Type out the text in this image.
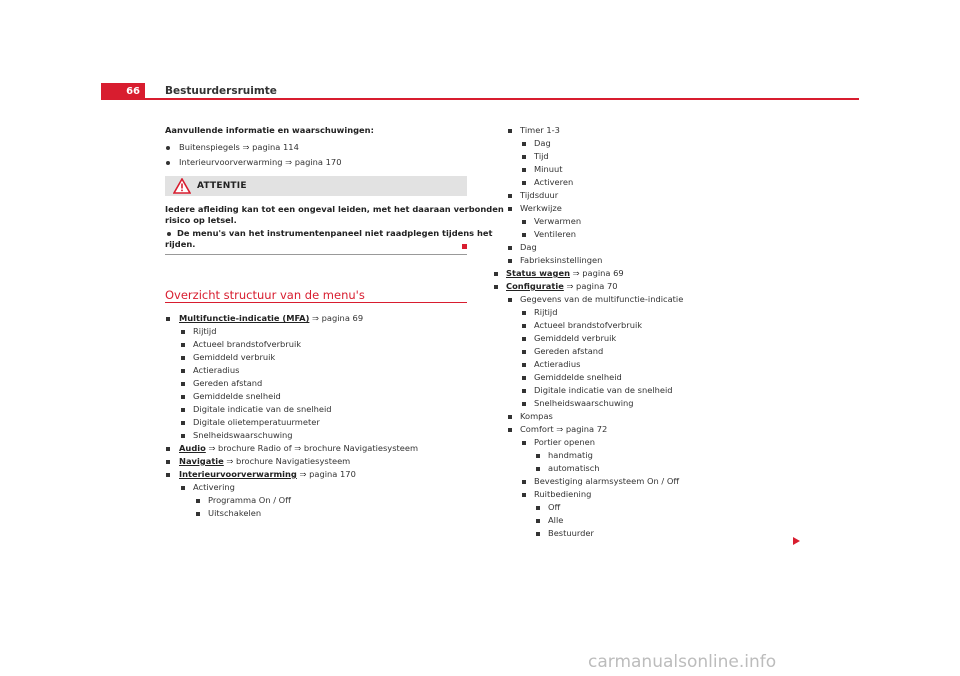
66 Bestuurdersruimte
Aanvullende informatie en waarschuwingen:
Buitenspiegels ⇒ pagina 114
Interieurvoorverwarming ⇒ pagina 170
ATTENTIE
Iedere afleiding kan tot een ongeval leiden, met het daaraan verbonden
risico op letsel.
De menu's van het instrumentenpaneel niet raadplegen tijdens het
rijden.
Overzicht structuur van de menu's
Multifunctie-indicatie (MFA) ⇒ pagina 69
Rijtijd
Actueel brandstofverbruik
Gemiddeld verbruik
Actieradius
Gereden afstand
Gemiddelde snelheid
Digitale indicatie van de snelheid
Digitale olietemperatuurmeter
Snelheidswaarschuwing
Audio ⇒ brochure Radio of ⇒ brochure Navigatiesysteem
Navigatie ⇒ brochure Navigatiesysteem
Interieurvoorverwarming ⇒ pagina 170
Activering
Programma On / Off
Uitschakelen
Timer 1-3
Dag
Tijd
Minuut
Activeren
Tijdsduur
Werkwijze
Verwarmen
Ventileren
Dag
Fabrieksinstellingen
Status wagen ⇒ pagina 69
Configuratie ⇒ pagina 70
Gegevens van de multifunctie-indicatie
Rijtijd
Actueel brandstofverbruik
Gemiddeld verbruik
Gereden afstand
Actieradius
Gemiddelde snelheid
Digitale indicatie van de snelheid
Snelheidswaarschuwing
Kompas
Comfort ⇒ pagina 72
Portier openen
handmatig
automatisch
Bevestiging alarmsysteem On / Off
Ruitbediening
Off
Alle
Bestuurder
carmanualsonline.info
